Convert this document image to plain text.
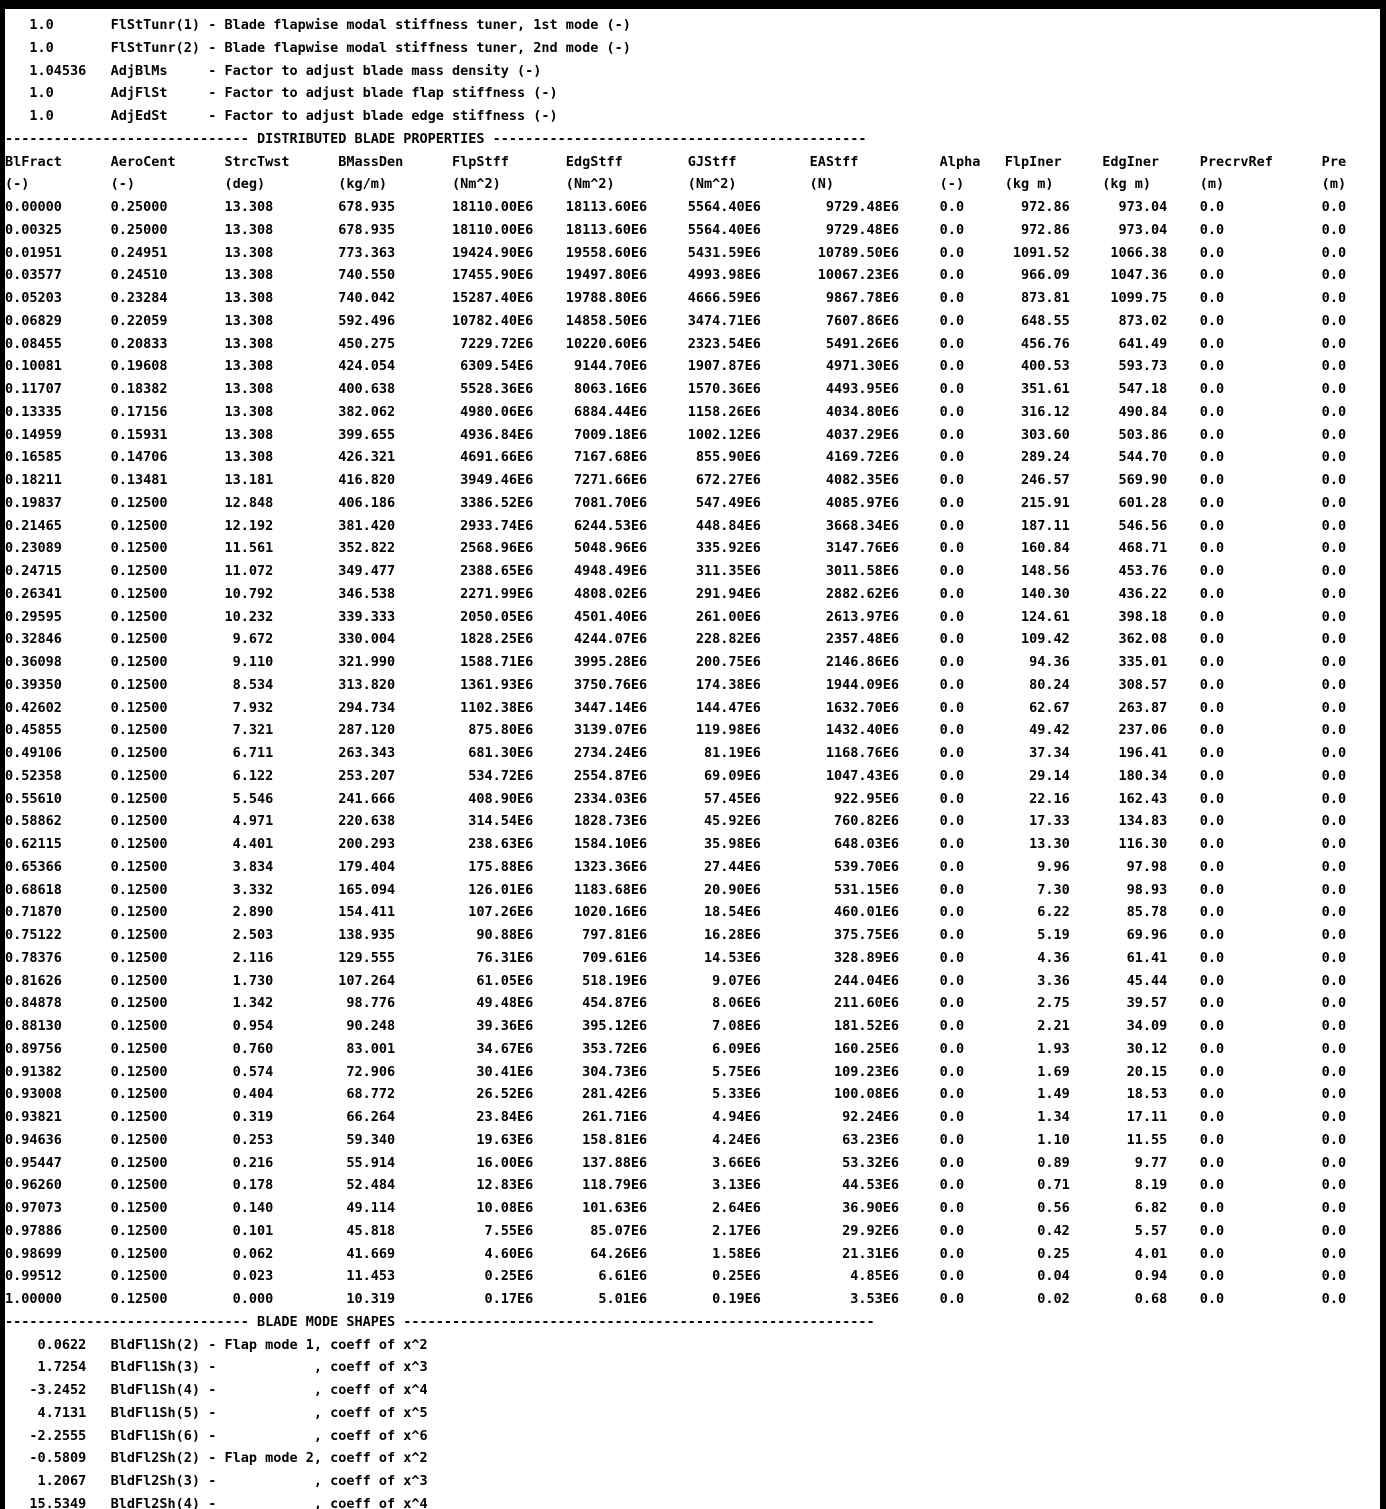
1.0       FlStTunr(1) - Blade flapwise modal stiffness tuner, 1st mode (-)
1.0       FlStTunr(2) - Blade flapwise modal stiffness tuner, 2nd mode (-)
1.04536   AdjBlMs     - Factor to adjust blade mass density (-)
1.0       AdjFlSt     - Factor to adjust blade flap stiffness (-)
1.0       AdjEdSt     - Factor to adjust blade edge stiffness (-)
------------------------------ DISTRIBUTED BLADE PROPERTIES ----------------------------------------------
BlFract      AeroCent      StrcTwst      BMassDen      FlpStff       EdgStff        GJStff         EAStff          Alpha   FlpIner     EdgIner     PrecrvRef      Pre
(-)          (-)           (deg)         (kg/m)        (Nm^2)        (Nm^2)         (Nm^2)         (N)             (-)     (kg m)      (kg m)      (m)            (m)
0.00000      0.25000       13.308        678.935       18110.00E6    18113.60E6     5564.40E6        9729.48E6     0.0       972.86      973.04    0.0            0.0
0.00325      0.25000       13.308        678.935       18110.00E6    18113.60E6     5564.40E6        9729.48E6     0.0       972.86      973.04    0.0            0.0
0.01951      0.24951       13.308        773.363       19424.90E6    19558.60E6     5431.59E6       10789.50E6     0.0      1091.52     1066.38    0.0            0.0
0.03577      0.24510       13.308        740.550       17455.90E6    19497.80E6     4993.98E6       10067.23E6     0.0       966.09     1047.36    0.0            0.0
0.05203      0.23284       13.308        740.042       15287.40E6    19788.80E6     4666.59E6        9867.78E6     0.0       873.81     1099.75    0.0            0.0
0.06829      0.22059       13.308        592.496       10782.40E6    14858.50E6     3474.71E6        7607.86E6     0.0       648.55      873.02    0.0            0.0
0.08455      0.20833       13.308        450.275        7229.72E6    10220.60E6     2323.54E6        5491.26E6     0.0       456.76      641.49    0.0            0.0
0.10081      0.19608       13.308        424.054        6309.54E6     9144.70E6     1907.87E6        4971.30E6     0.0       400.53      593.73    0.0            0.0
0.11707      0.18382       13.308        400.638        5528.36E6     8063.16E6     1570.36E6        4493.95E6     0.0       351.61      547.18    0.0            0.0
0.13335      0.17156       13.308        382.062        4980.06E6     6884.44E6     1158.26E6        4034.80E6     0.0       316.12      490.84    0.0            0.0
0.14959      0.15931       13.308        399.655        4936.84E6     7009.18E6     1002.12E6        4037.29E6     0.0       303.60      503.86    0.0            0.0
0.16585      0.14706       13.308        426.321        4691.66E6     7167.68E6      855.90E6        4169.72E6     0.0       289.24      544.70    0.0            0.0
0.18211      0.13481       13.181        416.820        3949.46E6     7271.66E6      672.27E6        4082.35E6     0.0       246.57      569.90    0.0            0.0
0.19837      0.12500       12.848        406.186        3386.52E6     7081.70E6      547.49E6        4085.97E6     0.0       215.91      601.28    0.0            0.0
0.21465      0.12500       12.192        381.420        2933.74E6     6244.53E6      448.84E6        3668.34E6     0.0       187.11      546.56    0.0            0.0
0.23089      0.12500       11.561        352.822        2568.96E6     5048.96E6      335.92E6        3147.76E6     0.0       160.84      468.71    0.0            0.0
0.24715      0.12500       11.072        349.477        2388.65E6     4948.49E6      311.35E6        3011.58E6     0.0       148.56      453.76    0.0            0.0
0.26341      0.12500       10.792        346.538        2271.99E6     4808.02E6      291.94E6        2882.62E6     0.0       140.30      436.22    0.0            0.0
0.29595      0.12500       10.232        339.333        2050.05E6     4501.40E6      261.00E6        2613.97E6     0.0       124.61      398.18    0.0            0.0
0.32846      0.12500        9.672        330.004        1828.25E6     4244.07E6      228.82E6        2357.48E6     0.0       109.42      362.08    0.0            0.0
0.36098      0.12500        9.110        321.990        1588.71E6     3995.28E6      200.75E6        2146.86E6     0.0        94.36      335.01    0.0            0.0
0.39350      0.12500        8.534        313.820        1361.93E6     3750.76E6      174.38E6        1944.09E6     0.0        80.24      308.57    0.0            0.0
0.42602      0.12500        7.932        294.734        1102.38E6     3447.14E6      144.47E6        1632.70E6     0.0        62.67      263.87    0.0            0.0
0.45855      0.12500        7.321        287.120         875.80E6     3139.07E6      119.98E6        1432.40E6     0.0        49.42      237.06    0.0            0.0
0.49106      0.12500        6.711        263.343         681.30E6     2734.24E6       81.19E6        1168.76E6     0.0        37.34      196.41    0.0            0.0
0.52358      0.12500        6.122        253.207         534.72E6     2554.87E6       69.09E6        1047.43E6     0.0        29.14      180.34    0.0            0.0
0.55610      0.12500        5.546        241.666         408.90E6     2334.03E6       57.45E6         922.95E6     0.0        22.16      162.43    0.0            0.0
0.58862      0.12500        4.971        220.638         314.54E6     1828.73E6       45.92E6         760.82E6     0.0        17.33      134.83    0.0            0.0
0.62115      0.12500        4.401        200.293         238.63E6     1584.10E6       35.98E6         648.03E6     0.0        13.30      116.30    0.0            0.0
0.65366      0.12500        3.834        179.404         175.88E6     1323.36E6       27.44E6         539.70E6     0.0         9.96       97.98    0.0            0.0
0.68618      0.12500        3.332        165.094         126.01E6     1183.68E6       20.90E6         531.15E6     0.0         7.30       98.93    0.0            0.0
0.71870      0.12500        2.890        154.411         107.26E6     1020.16E6       18.54E6         460.01E6     0.0         6.22       85.78    0.0            0.0
0.75122      0.12500        2.503        138.935          90.88E6      797.81E6       16.28E6         375.75E6     0.0         5.19       69.96    0.0            0.0
0.78376      0.12500        2.116        129.555          76.31E6      709.61E6       14.53E6         328.89E6     0.0         4.36       61.41    0.0            0.0
0.81626      0.12500        1.730        107.264          61.05E6      518.19E6        9.07E6         244.04E6     0.0         3.36       45.44    0.0            0.0
0.84878      0.12500        1.342         98.776          49.48E6      454.87E6        8.06E6         211.60E6     0.0         2.75       39.57    0.0            0.0
0.88130      0.12500        0.954         90.248          39.36E6      395.12E6        7.08E6         181.52E6     0.0         2.21       34.09    0.0            0.0
0.89756      0.12500        0.760         83.001          34.67E6      353.72E6        6.09E6         160.25E6     0.0         1.93       30.12    0.0            0.0
0.91382      0.12500        0.574         72.906          30.41E6      304.73E6        5.75E6         109.23E6     0.0         1.69       20.15    0.0            0.0
0.93008      0.12500        0.404         68.772          26.52E6      281.42E6        5.33E6         100.08E6     0.0         1.49       18.53    0.0            0.0
0.93821      0.12500        0.319         66.264          23.84E6      261.71E6        4.94E6          92.24E6     0.0         1.34       17.11    0.0            0.0
0.94636      0.12500        0.253         59.340          19.63E6      158.81E6        4.24E6          63.23E6     0.0         1.10       11.55    0.0            0.0
0.95447      0.12500        0.216         55.914          16.00E6      137.88E6        3.66E6          53.32E6     0.0         0.89        9.77    0.0            0.0
0.96260      0.12500        0.178         52.484          12.83E6      118.79E6        3.13E6          44.53E6     0.0         0.71        8.19    0.0            0.0
0.97073      0.12500        0.140         49.114          10.08E6      101.63E6        2.64E6          36.90E6     0.0         0.56        6.82    0.0            0.0
0.97886      0.12500        0.101         45.818           7.55E6       85.07E6        2.17E6          29.92E6     0.0         0.42        5.57    0.0            0.0
0.98699      0.12500        0.062         41.669           4.60E6       64.26E6        1.58E6          21.31E6     0.0         0.25        4.01    0.0            0.0
0.99512      0.12500        0.023         11.453           0.25E6        6.61E6        0.25E6           4.85E6     0.0         0.04        0.94    0.0            0.0
1.00000      0.12500        0.000         10.319           0.17E6        5.01E6        0.19E6           3.53E6     0.0         0.02        0.68    0.0            0.0
------------------------------ BLADE MODE SHAPES ----------------------------------------------------------
0.0622   BldFl1Sh(2) - Flap mode 1, coeff of x^2
1.7254   BldFl1Sh(3) -            , coeff of x^3
-3.2452   BldFl1Sh(4) -            , coeff of x^4
4.7131   BldFl1Sh(5) -            , coeff of x^5
-2.2555   BldFl1Sh(6) -            , coeff of x^6
-0.5809   BldFl2Sh(2) - Flap mode 2, coeff of x^2
1.2067   BldFl2Sh(3) -            , coeff of x^3
15.5349   BldFl2Sh(4) -            , coeff of x^4
